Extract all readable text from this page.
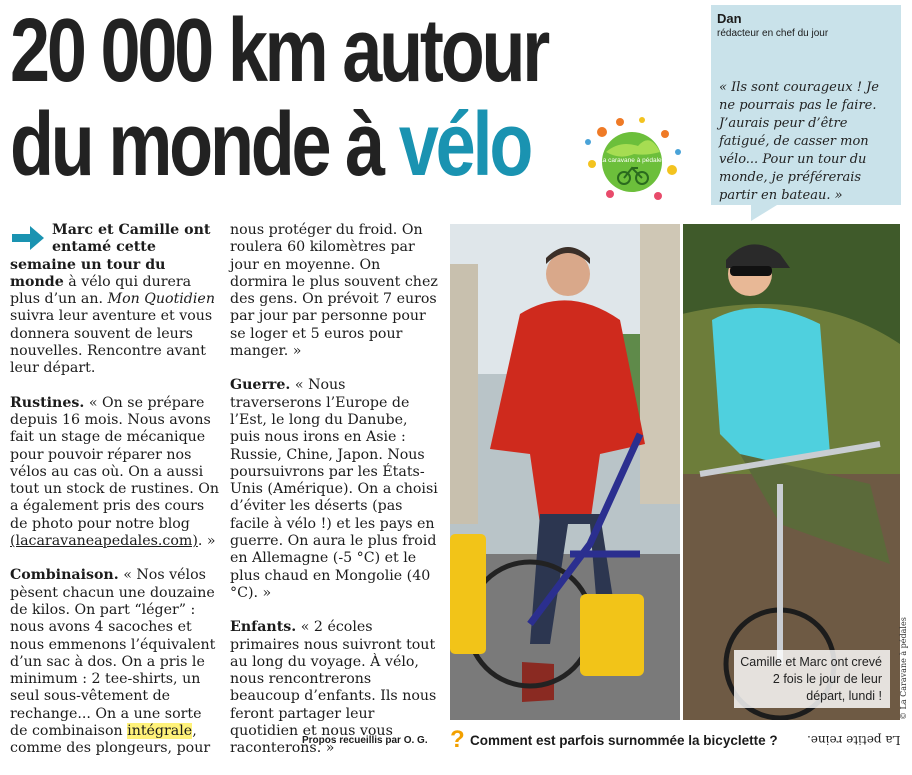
20 000 km autour
du monde à vélo	La caravane à pédales
Dan
rédacteur en chef du jour
« Ils sont courageux ! Je ne pourrais pas le faire. J’aurais peur d’être fatigué, de casser mon vélo... Pour un tour du monde, je préférerais partir en bateau. »

Marc et Camille ont entamé cette semaine un tour du monde à vélo qui durera plus d’un an. Mon Quotidien suivra leur aventure et vous donnera souvent de leurs nouvelles. Rencontre avant leur départ.

Rustines. « On se prépare depuis 16 mois. Nous avons fait un stage de mécanique pour pouvoir réparer nos vélos au cas où. On a aussi tout un stock de rustines. On a également pris des cours de photo pour notre blog (lacaravaneapedales.com). »

Combinaison. « Nos vélos pèsent chacun une douzaine de kilos. On part “léger” : nous avons 4 sacoches et nous emmenons l’équivalent d’un sac à dos. On a pris le minimum : 2 tee-shirts, un seul sous-vêtement de rechange... On a une sorte de combinaison intégrale, comme des plongeurs, pour

nous protéger du froid. On roulera 60 kilomètres par jour en moyenne. On dormira le plus souvent chez des gens. On prévoit 7 euros par jour par personne pour se loger et 5 euros pour manger. »

Guerre. « Nous traverserons l’Europe de l’Est, le long du Danube, puis nous irons en Asie : Russie, Chine, Japon. Nous poursuivrons par les États-Unis (Amérique). On a choisi d’éviter les déserts (pas facile à vélo !) et les pays en guerre. On aura le plus froid en Allemagne (-5 °C) et le plus chaud en Mongolie (40 °C). »

Enfants. « 2 écoles primaires nous suivront tout au long du voyage. À vélo, nous rencontrerons beaucoup d’enfants. Ils nous feront partager leur quotidien et nous vous raconterons. »

Propos recueillis par O. G.
Camille et Marc ont crevé 2 fois le jour de leur départ, lundi !	© La Caravane à pédales
? Comment est parfois surnommée la bicyclette ? La petite reine.
